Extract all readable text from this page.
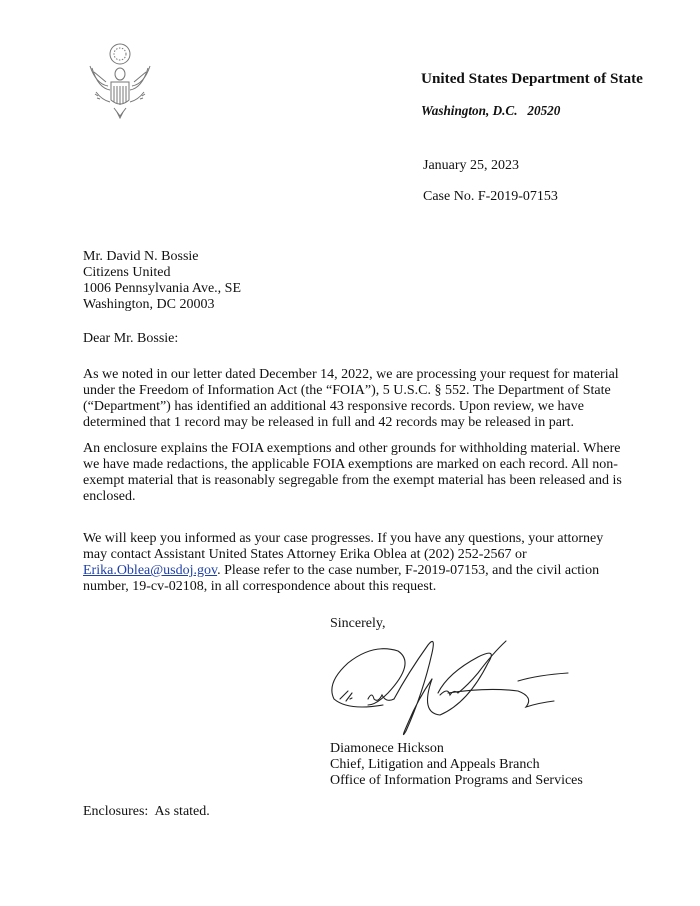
United States Department of State
Washington, D.C.   20520
January 25, 2023
Case No. F-2019-07153
Mr. David N. Bossie
Citizens United
1006 Pennsylvania Ave., SE
Washington, DC 20003
Dear Mr. Bossie:
As we noted in our letter dated December 14, 2022, we are processing your request for material
under the Freedom of Information Act (the “FOIA”), 5 U.S.C. § 552. The Department of State
(“Department”) has identified an additional 43 responsive records. Upon review, we have
determined that 1 record may be released in full and 42 records may be released in part.
An enclosure explains the FOIA exemptions and other grounds for withholding material. Where
we have made redactions, the applicable FOIA exemptions are marked on each record. All non-
exempt material that is reasonably segregable from the exempt material has been released and is
enclosed.
We will keep you informed as your case progresses. If you have any questions, your attorney
may contact Assistant United States Attorney Erika Oblea at (202) 252-2567 or
Erika.Oblea@usdoj.gov. Please refer to the case number, F-2019-07153, and the civil action
number, 19-cv-02108, in all correspondence about this request.
Sincerely,
Diamonece Hickson
Chief, Litigation and Appeals Branch
Office of Information Programs and Services
Enclosures:  As stated.
